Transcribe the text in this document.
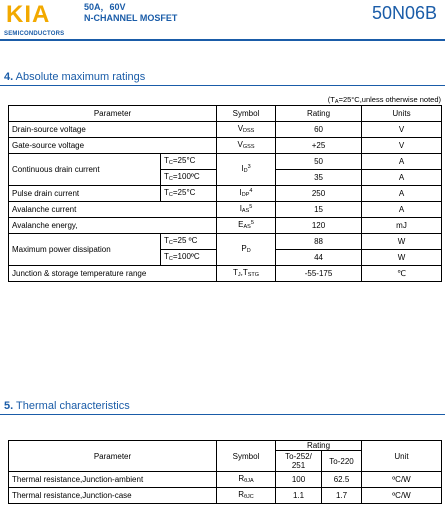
KIA
SEMICONDUCTORS
50A，60V
N-CHANNEL MOSFET	50N06B
4. Absolute maximum ratings
($T_A=25^\circ C,unless$ otherwise noted)
Parameter		Symbol	Rating	Units
Drain-source voltage		$V_{DSS}$	60	V
Gate-source voltage		$V_{GSS}$	+25	V
Continuous drain current	$T_C=25^\circ C$	$I_D^3$	50	A
	$T_C=100ºC$		35	A
Pulse drain current	$T_C=25^\circ C$	$I_{DP}^4$	250	A
Avalanche current		$I_{AS}^5$	15	A
Avalanche energy,		$E_{AS}^5$	120	mJ
Maximum power dissipation	$T_C=25$ ºC	$P_D$	88	W
	$T_C=100ºC$		44	W
Junction & storage temperature range		$T_J,T_{STG}$	-55-175	℃
5. Thermal characteristics
Parameter	Symbol	Rating		Unit
		To-252/ 251	To-220	
Thermal resistance,Junction-ambient	$R_{\theta JA}$	100	62.5	ºC/W
Thermal resistance,Junction-case	$R_{\theta JC}$	1.1	1.7	ºC/W
